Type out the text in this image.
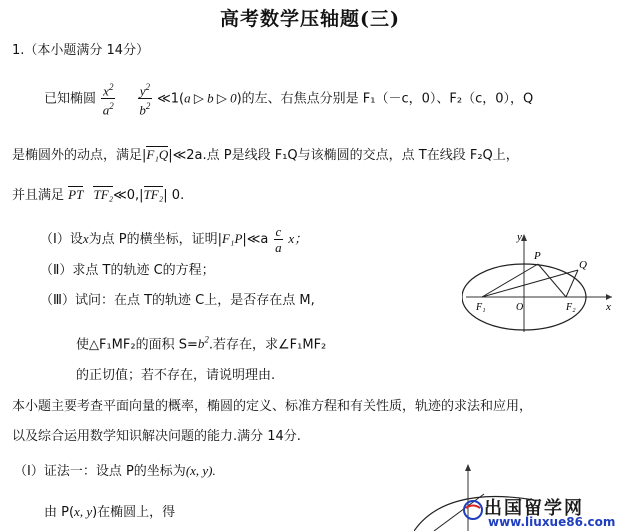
高考数学压轴题(三)
1.（本小题满分 14分）
已知椭圆 $\frac{x^2}{a^2}$
$\frac{y^2}{b^2}$ ≪1(a ▷ b ▷ 0)的左、右焦点分别是 F₁（－c，0）、F₂（c，0），Q
是椭圆外的动点，满足|F₁Q|≪2a.点 P是线段 F₁Q与该椭圆的交点，点 T在线段 F₂Q上，
并且满足 PT TF₂≪0,|TF₂| 0.
（Ⅰ）设x为点 P的横坐标，证明|F₁P|≪a $\frac{c}{a}$ x；
（Ⅱ）求点 T的轨迹 C的方程；
（Ⅲ）试问：在点 T的轨迹 C上，是否存在点 M,
使△F₁MF₂的面积 $S=b^2$.若存在，求∠F₁MF₂
的正切值；若不存在，请说明理由.
本小题主要考查平面向量的概率，椭圆的定义、标准方程和有关性质，轨迹的求法和应用，
以及综合运用数学知识解决问题的能力.满分 14分.
（Ⅰ）证法一：设点 P的坐标为(x, y).
由 P(x, y)在椭圆上，得
y
x
P
Q
O
F₁	F₂
出国留学网
www.liuxue86.com
